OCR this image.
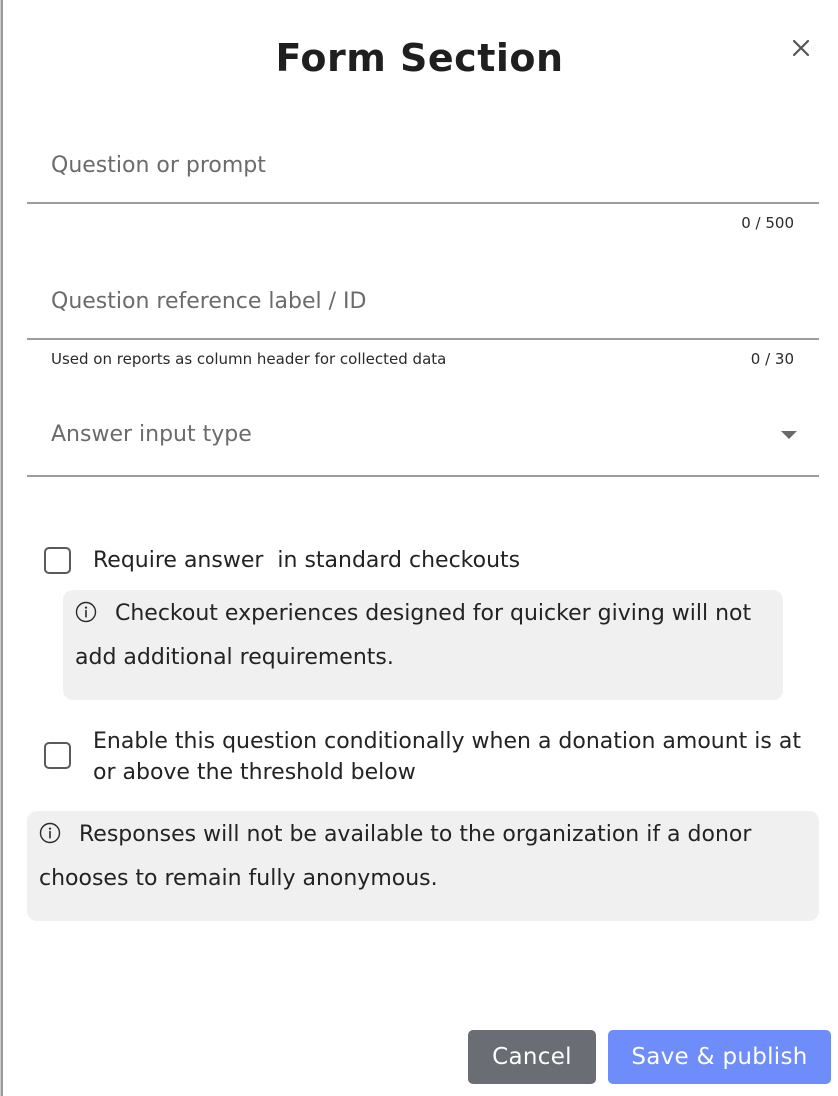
Form Section
Question or prompt
0 / 500
Question reference label / ID
Used on reports as column header for collected data	0 / 30
Answer input type
Require answer  in standard checkouts
Checkout experiences designed for quicker giving will not add additional requirements.
Enable this question conditionally when a donation amount is at or above the threshold below
Responses will not be available to the organization if a donor chooses to remain fully anonymous.
Cancel	Save & publish
